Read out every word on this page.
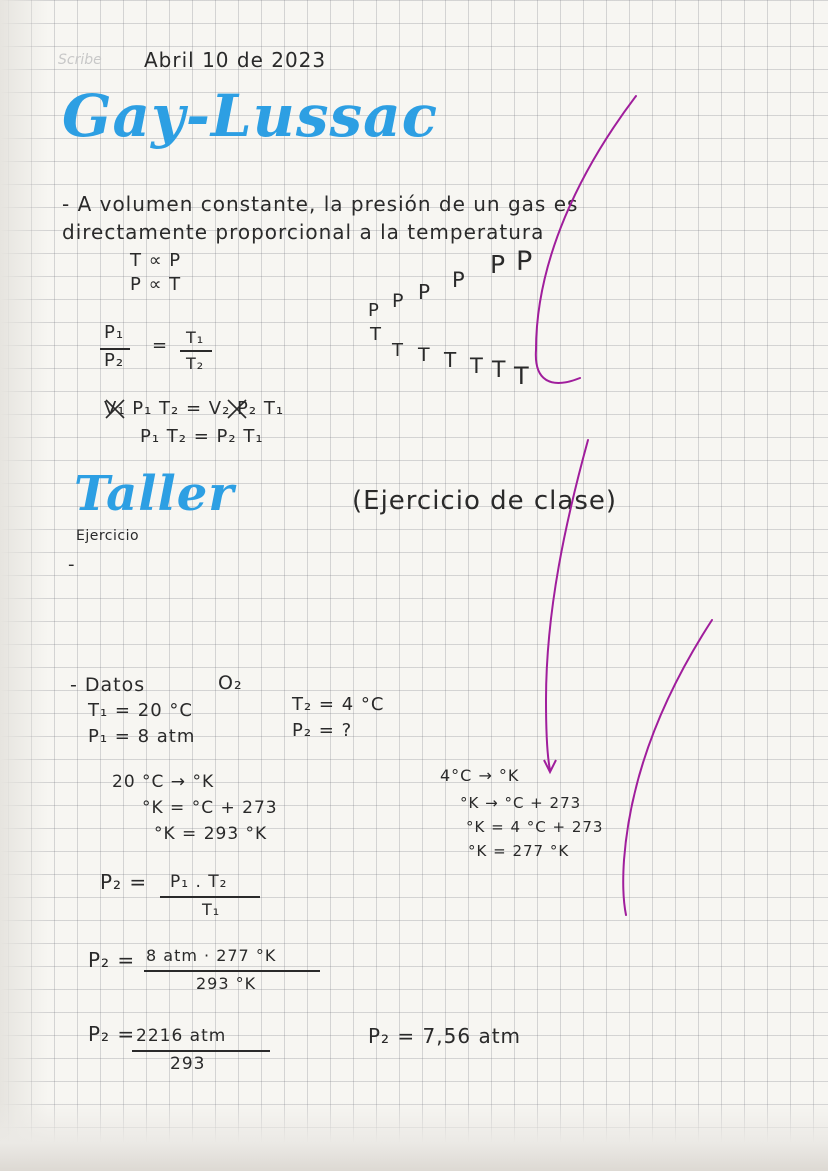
Scribe Abril 10 de 2023
Gay-Lussac
- A volumen constante, la presión de un gas es
directamente proporcional a la temperatura
T ∝ P
P ∝ T
P P P P
P P
T
T T T T T T
P₁
P₂
= T₁
T₂
V₁ P₁ T₂ = V₂ P₂ T₁
P₁ T₂ = P₂ T₁
Taller	(Ejercicio de clase)
Ejercicio
-
- Datos	O₂
T₁ = 20 °C
P₁ = 8 atm
T₂ = 4 °C
P₂ = ?
20 °C → °K
°K = °C + 273
°K = 293 °K
4°C → °K
°K → °C + 273
°K = 4 °C + 273
°K = 277 °K
P₂ = P₁ . T₂
T₁
P₂ = 8 atm · 277 °K
293 °K
P₂ = 2216 atm
293
P₂ = 7,56 atm
